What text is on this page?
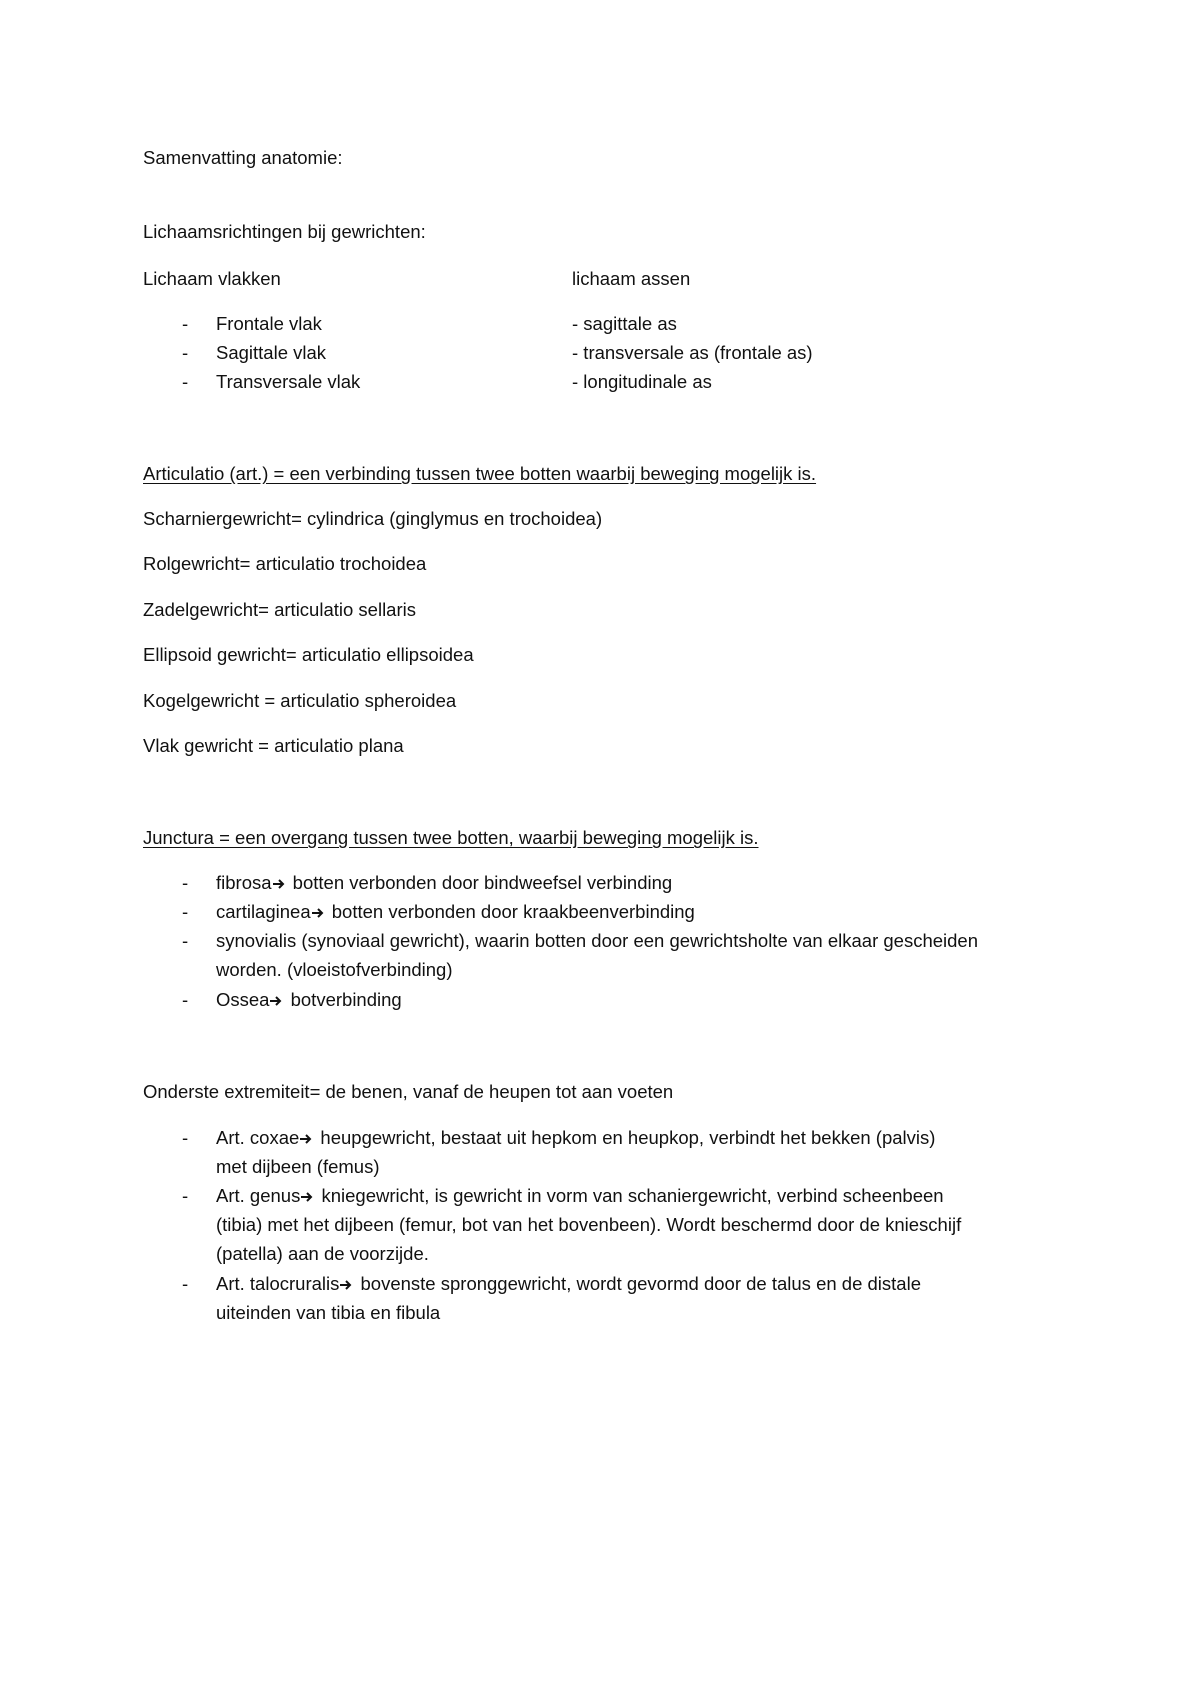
Samenvatting anatomie:

Lichaamsrichtingen bij gewrichten:

Lichaam vlakken	lichaam assen
- Frontale vlak	- sagittale as
- Sagittale vlak	- transversale as (frontale as)
- Transversale vlak	- longitudinale as

Articulatio (art.) = een verbinding tussen twee botten waarbij beweging mogelijk is.

Scharniergewricht= cylindrica (ginglymus en trochoidea)

Rolgewricht= articulatio trochoidea

Zadelgewricht= articulatio sellaris

Ellipsoid gewricht= articulatio ellipsoidea

Kogelgewricht = articulatio spheroidea

Vlak gewricht = articulatio plana

Junctura = een overgang tussen twee botten, waarbij beweging mogelijk is.

- fibrosa
botten verbonden door bindweefsel verbinding
- cartilaginea
botten verbonden door kraakbeenverbinding
- synovialis (synoviaal gewricht), waarin botten door een gewrichtsholte van elkaar gescheiden
worden. (vloeistofverbinding)
- Ossea
botverbinding

Onderste extremiteit= de benen, vanaf de heupen tot aan voeten

- Art. coxae
heupgewricht, bestaat uit hepkom en heupkop, verbindt het bekken (palvis)
met dijbeen (femus)
- Art. genus
kniegewricht, is gewricht in vorm van schaniergewricht, verbind scheenbeen
(tibia) met het dijbeen (femur, bot van het bovenbeen). Wordt beschermd door de knieschijf
(patella) aan de voorzijde.
- Art. talocruralis
bovenste spronggewricht, wordt gevormd door de talus en de distale
uiteinden van tibia en fibula
